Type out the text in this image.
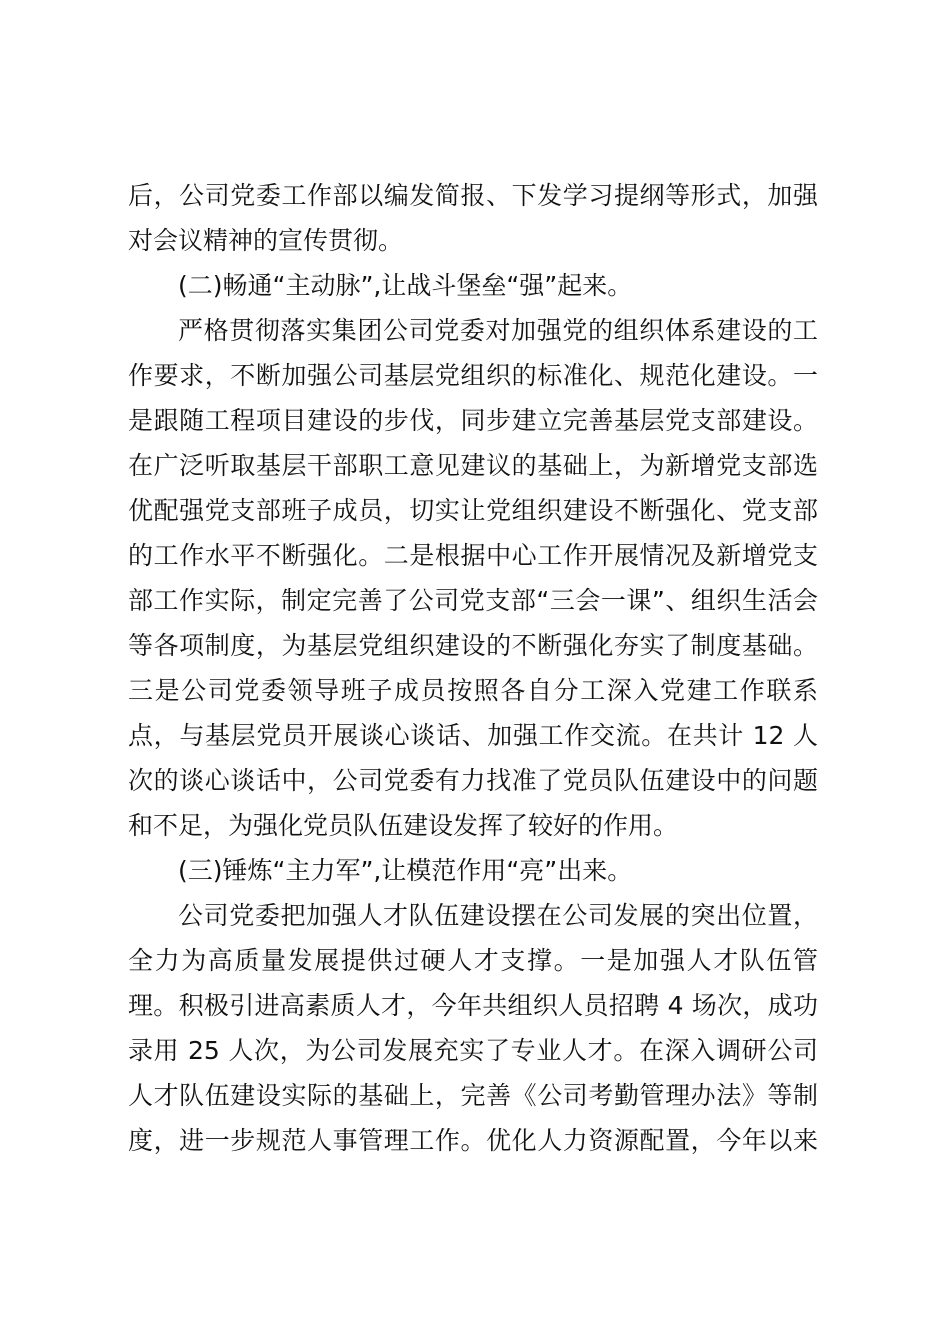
后，公司党委工作部以编发简报、下发学习提纲等形式，加强
对会议精神的宣传贯彻。
(二)畅通“主动脉”,让战斗堡垒“强”起来。
严格贯彻落实集团公司党委对加强党的组织体系建设的工
作要求，不断加强公司基层党组织的标准化、规范化建设。一
是跟随工程项目建设的步伐，同步建立完善基层党支部建设。
在广泛听取基层干部职工意见建议的基础上，为新增党支部选
优配强党支部班子成员，切实让党组织建设不断强化、党支部
的工作水平不断强化。二是根据中心工作开展情况及新增党支
部工作实际，制定完善了公司党支部“三会一课”、组织生活会
等各项制度，为基层党组织建设的不断强化夯实了制度基础。
三是公司党委领导班子成员按照各自分工深入党建工作联系
点，与基层党员开展谈心谈话、加强工作交流。在共计 12 人
次的谈心谈话中，公司党委有力找准了党员队伍建设中的问题
和不足，为强化党员队伍建设发挥了较好的作用。
(三)锤炼“主力军”,让模范作用“亮”出来。
公司党委把加强人才队伍建设摆在公司发展的突出位置，
全力为高质量发展提供过硬人才支撑。一是加强人才队伍管
理。积极引进高素质人才，今年共组织人员招聘 4 场次，成功
录用 25 人次，为公司发展充实了专业人才。在深入调研公司
人才队伍建设实际的基础上，完善《公司考勤管理办法》等制
度，进一步规范人事管理工作。优化人力资源配置，今年以来
